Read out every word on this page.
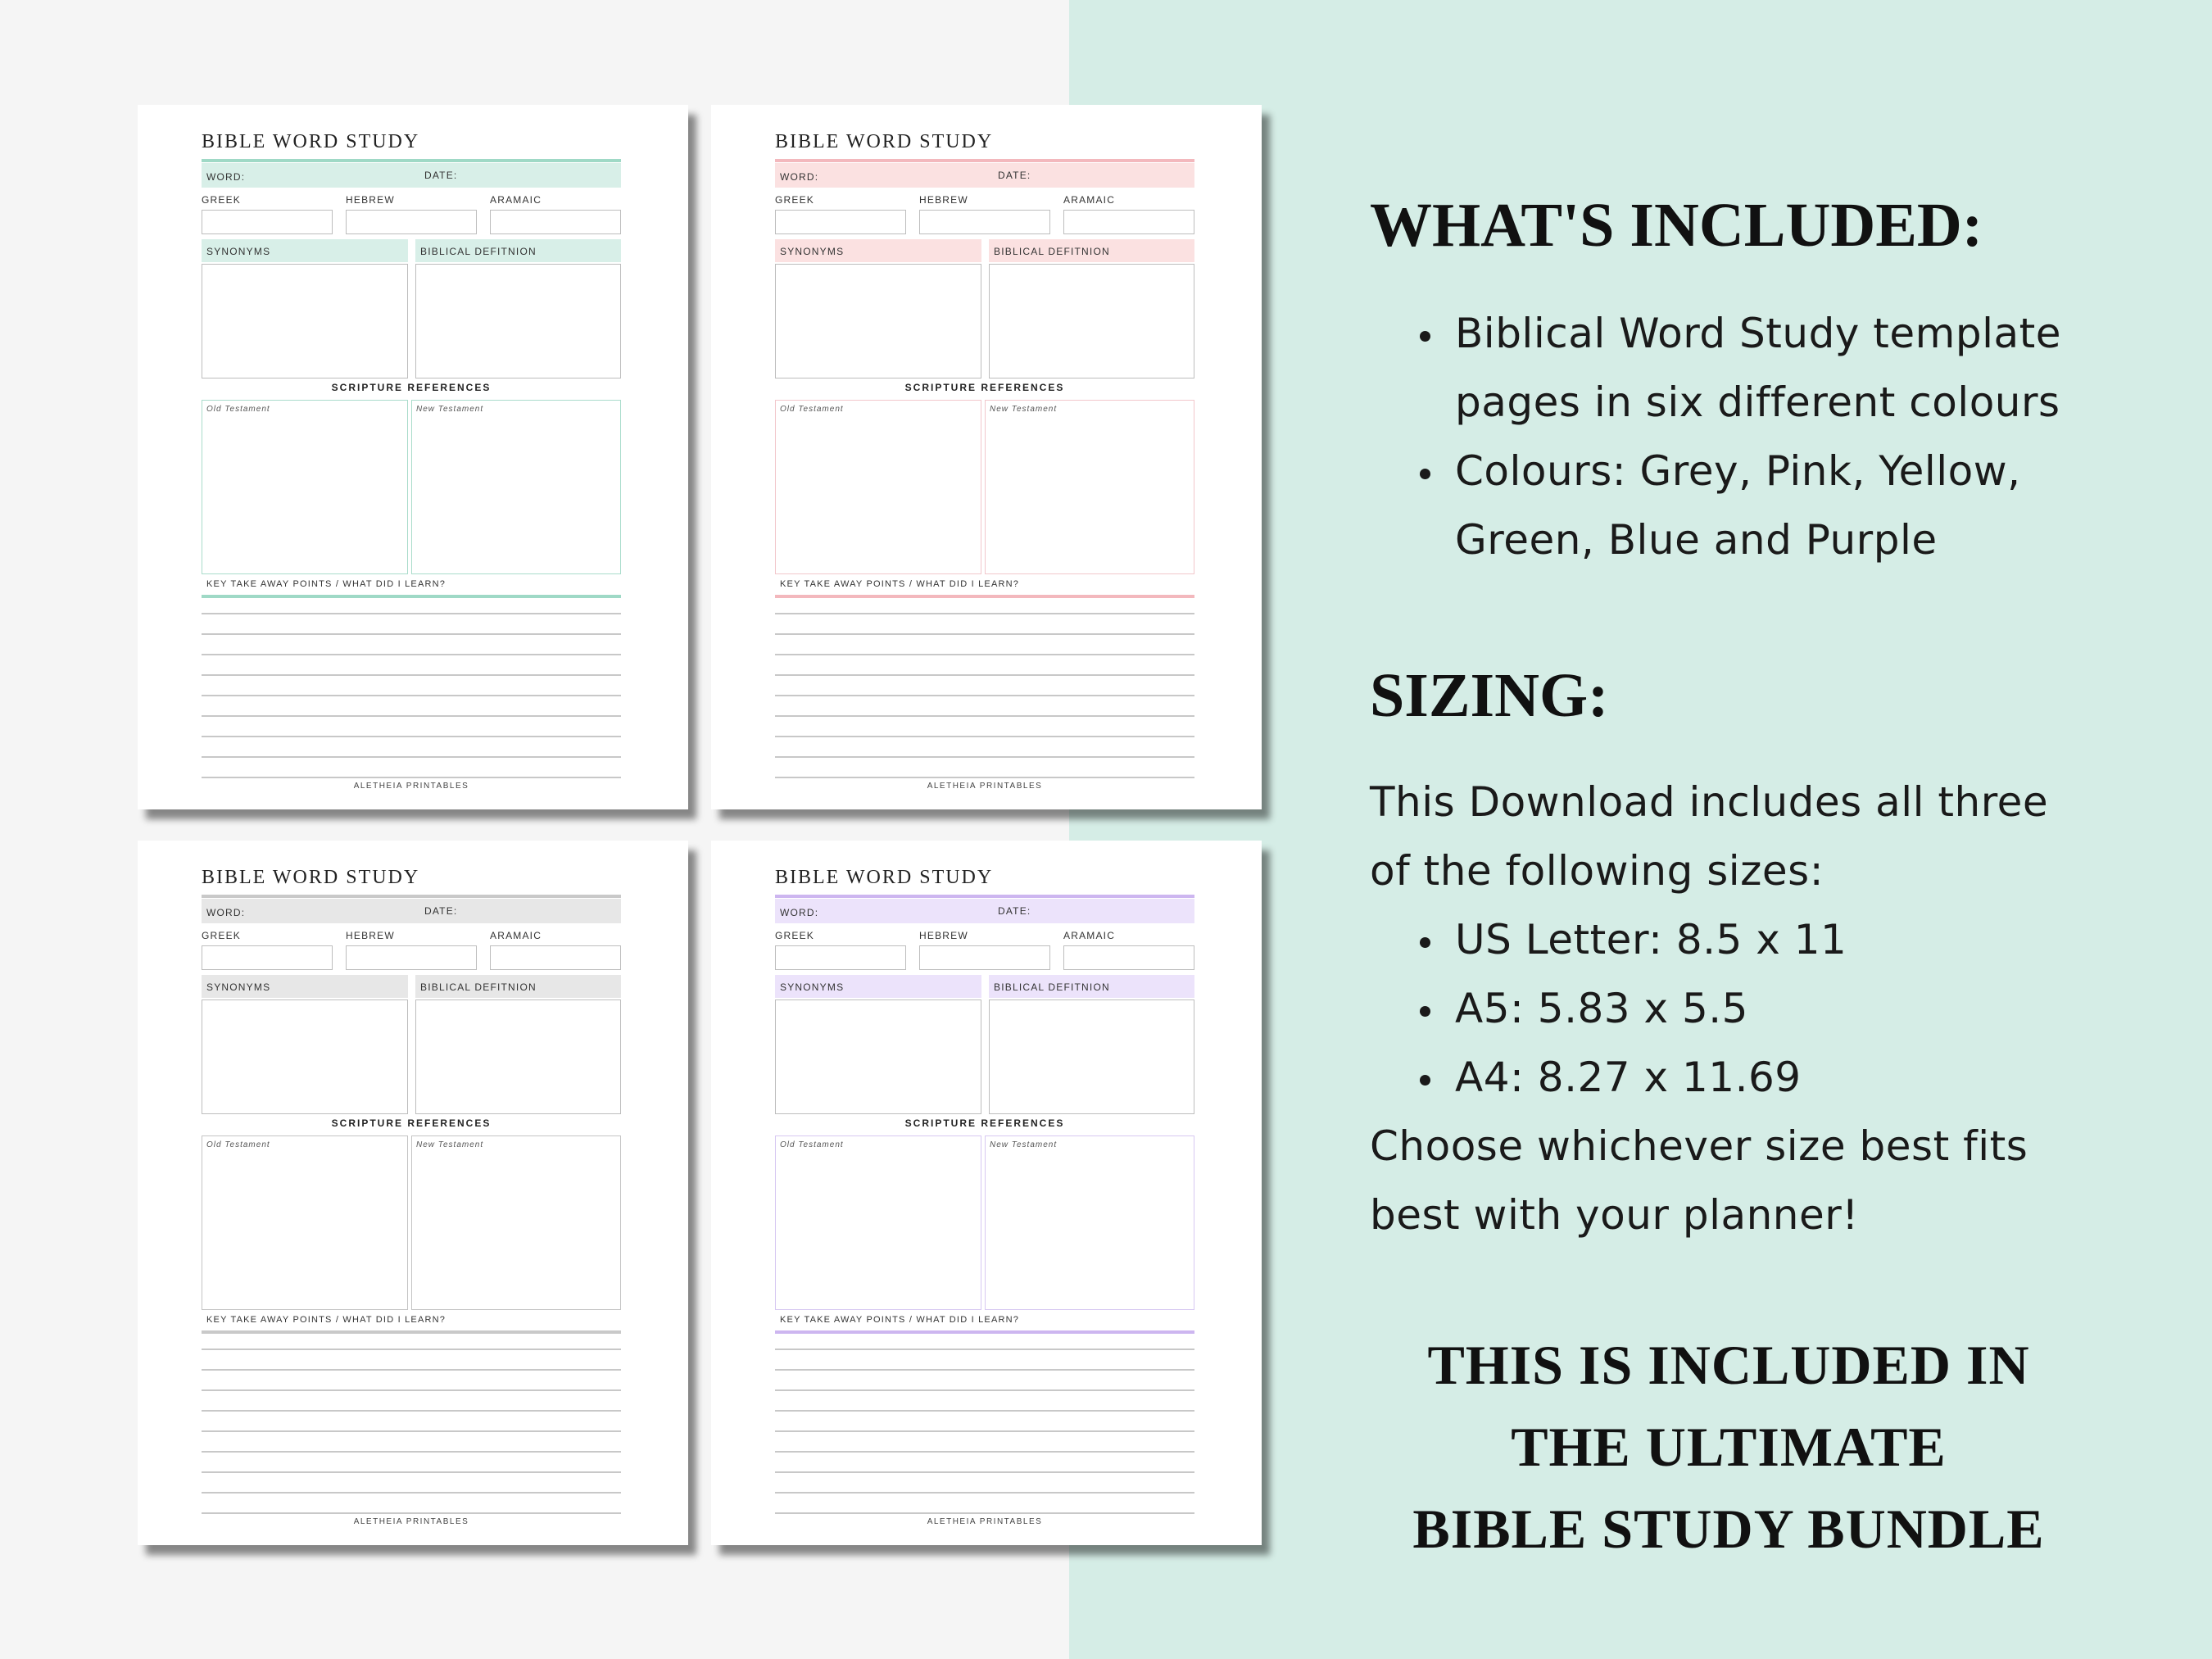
BIBLE WORD STUDY
WORD:	DATE:
GREEK	HEBREW	ARAMAIC
SYNONYMS	BIBLICAL DEFITNION
SCRIPTURE REFERENCES
Old Testament	New Testament
KEY TAKE AWAY POINTS / WHAT DID I LEARN?
ALETHEIA PRINTABLES
BIBLE WORD STUDY
WORD:	DATE:
GREEK	HEBREW	ARAMAIC
SYNONYMS	BIBLICAL DEFITNION
SCRIPTURE REFERENCES
Old Testament	New Testament
KEY TAKE AWAY POINTS / WHAT DID I LEARN?
ALETHEIA PRINTABLES
BIBLE WORD STUDY
WORD:	DATE:
GREEK	HEBREW	ARAMAIC
SYNONYMS	BIBLICAL DEFITNION
SCRIPTURE REFERENCES
Old Testament	New Testament
KEY TAKE AWAY POINTS / WHAT DID I LEARN?
ALETHEIA PRINTABLES
BIBLE WORD STUDY
WORD:	DATE:
GREEK	HEBREW	ARAMAIC
SYNONYMS	BIBLICAL DEFITNION
SCRIPTURE REFERENCES
Old Testament	New Testament
KEY TAKE AWAY POINTS / WHAT DID I LEARN?
ALETHEIA PRINTABLES
WHAT'S INCLUDED:
Biblical Word Study template
pages in six different colours
Colours: Grey, Pink, Yellow,
Green, Blue and Purple
SIZING:
This Download includes all three
of the following sizes:
US Letter: 8.5 x 11
A5: 5.83 x 5.5
A4: 8.27 x 11.69
Choose whichever size best fits
best with your planner!
THIS IS INCLUDED IN
THE ULTIMATE
BIBLE STUDY BUNDLE
